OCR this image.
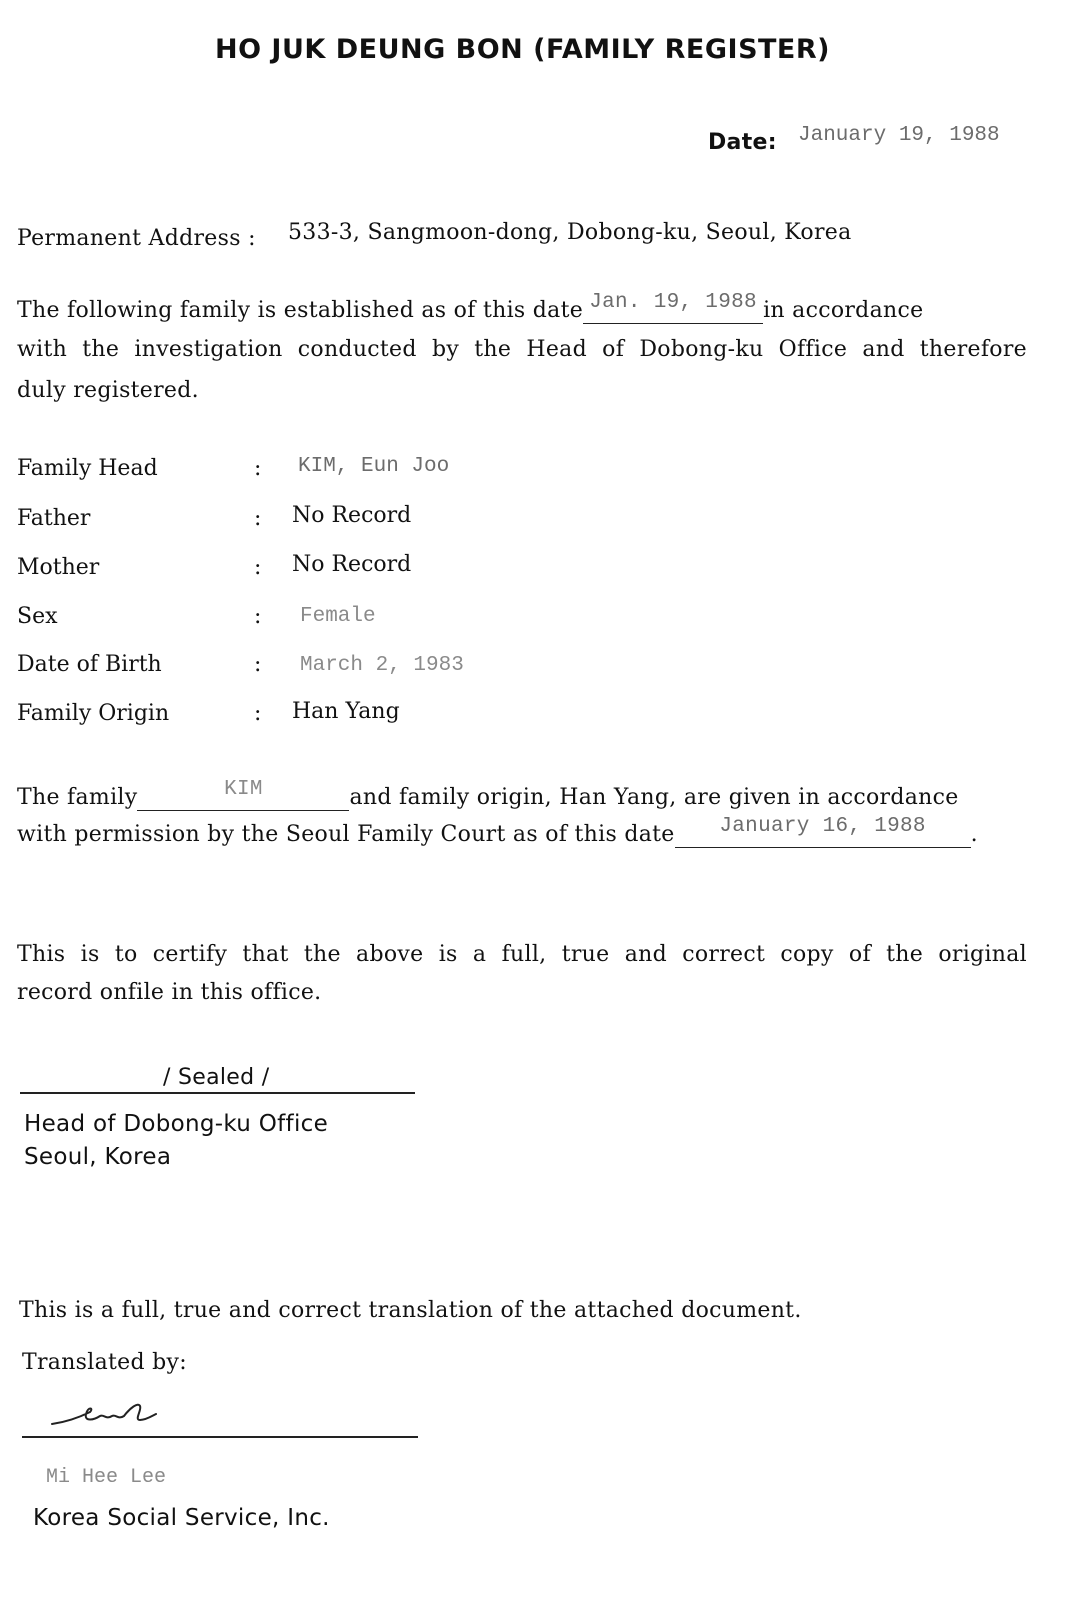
HO JUK DEUNG BON (FAMILY REGISTER)
Date: January 19, 1988
Permanent Address : 533-3, Sangmoon-dong, Dobong-ku, Seoul, Korea
The following family is established as of this date Jan. 19, 1988 in accordance
with the investigation conducted by the Head of Dobong-ku Office and therefore
duly registered.
Family Head	: KIM, Eun Joo
Father	: No Record
Mother	: No Record
Sex	: Female
Date of Birth	: March 2, 1983
Family Origin	: Han Yang
The family	KIM	and family origin, Han Yang, are given in accordance
with permission by the Seoul Family Court as of this date January 16, 1988 .
This is to certify that the above is a full, true and correct copy of the original
record onfile in this office.
/ Sealed /
Head of Dobong-ku Office
Seoul, Korea
This is a full, true and correct translation of the attached document.
Translated by:
Mi Hee Lee
Korea Social Service, Inc.
